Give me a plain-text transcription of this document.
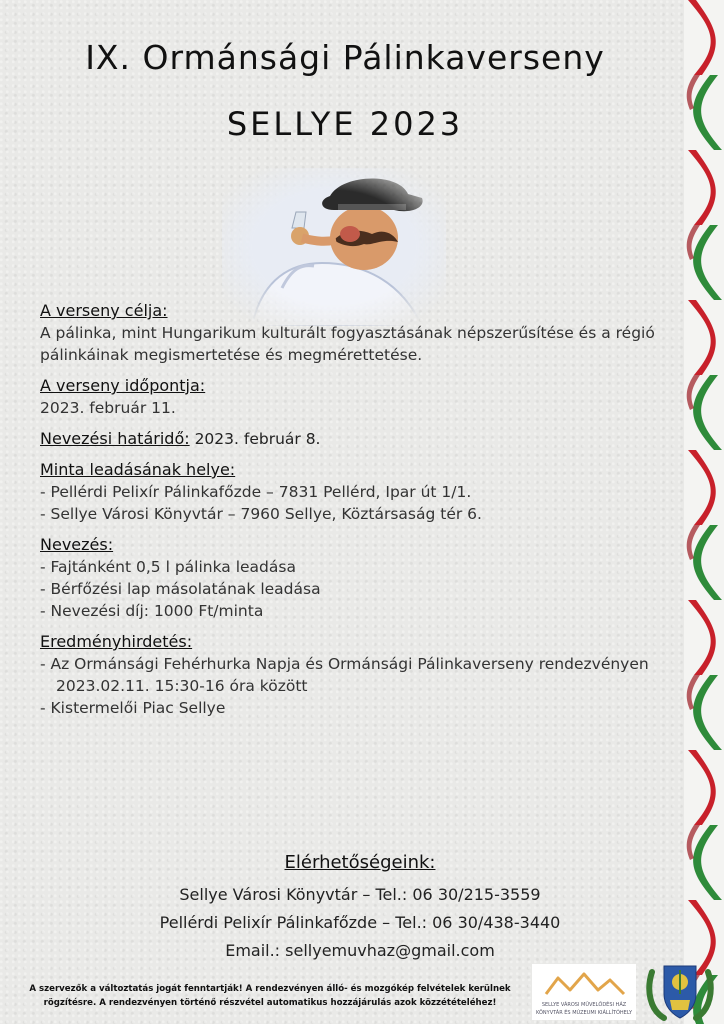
IX. Ormánsági Pálinkaverseny
SELLYE 2023
A verseny célja:
A pálinka, mint Hungarikum kulturált fogyasztásának népszerűsítése és a régió
pálinkáinak megismertetése és megmérettetése.
A verseny időpontja:
2023. február 11.
Nevezési határidő: 2023. február 8.
Minta leadásának helye:
- Pellérdi Pelixír Pálinkafőzde – 7831 Pellérd, Ipar út 1/1.
- Sellye Városi Könyvtár – 7960 Sellye, Köztársaság tér 6.
Nevezés:
- Fajtánként 0,5 l pálinka leadása
- Bérfőzési lap másolatának leadása
- Nevezési díj: 1000 Ft/minta
Eredményhirdetés:
- Az Ormánsági Fehérhurka Napja és Ormánsági Pálinkaverseny rendezvényen
2023.02.11. 15:30-16 óra között
- Kistermelői Piac Sellye
Elérhetőségeink:
Sellye Városi Könyvtár – Tel.: 06 30/215-3559
Pellérdi Pelixír Pálinkafőzde – Tel.: 06 30/438-3440
Email.: sellyemuvhaz@gmail.com
A szervezők a változtatás jogát fenntartják! A rendezvényen álló- és mozgókép felvételek kerülnek
rögzítésre. A rendezvényen történő részvétel automatikus hozzájárulás azok közzétételéhez!	SELLYE VÁROSI MŰVELŐDÉSI HÁZ
KÖNYVTÁR ÉS MÚZEUMI KIÁLLÍTÓHELY
